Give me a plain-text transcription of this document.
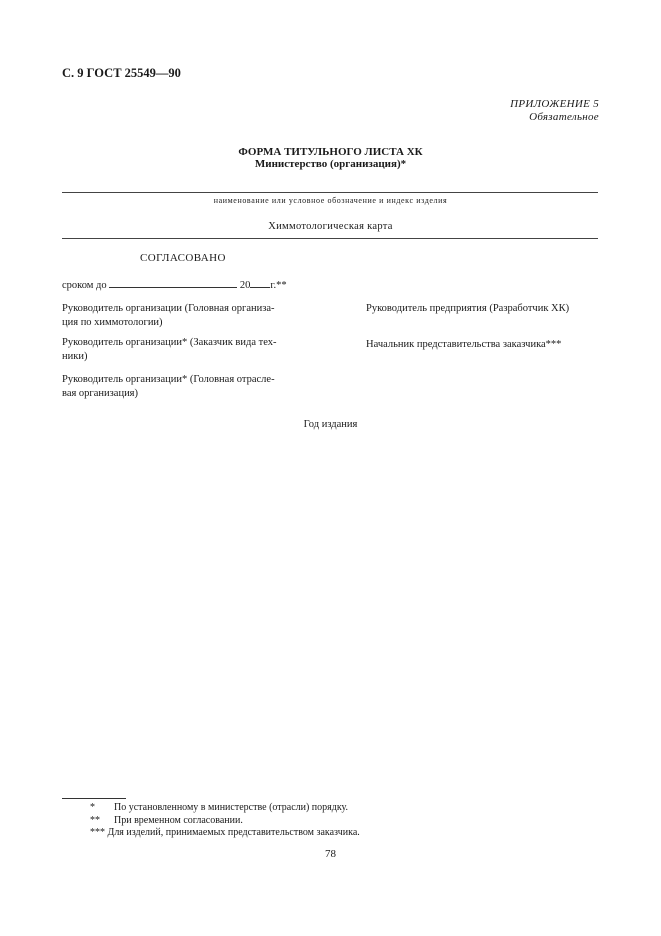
С. 9 ГОСТ 25549—90
ПРИЛОЖЕНИЕ 5
Обязательное
ФОРМА ТИТУЛЬНОГО ЛИСТА ХК
Министерство (организация)*
наименование или условное обозначение и индекс изделия
Химмотологическая карта
СОГЛАСОВАНО
сроком до	20 г.**
Руководитель организации (Головная организа-
ция по химмотологии)
Руководитель организации* (Заказчик вида тех-
ники)
Руководитель организации* (Головная отрасле-
вая организация)
Руководитель предприятия (Разработчик ХК)
Начальник представительства заказчика***
Год издания
* По установленному в министерстве (отрасли) порядку.
** При временном согласовании.
*** Для изделий, принимаемых представительством заказчика.
78
